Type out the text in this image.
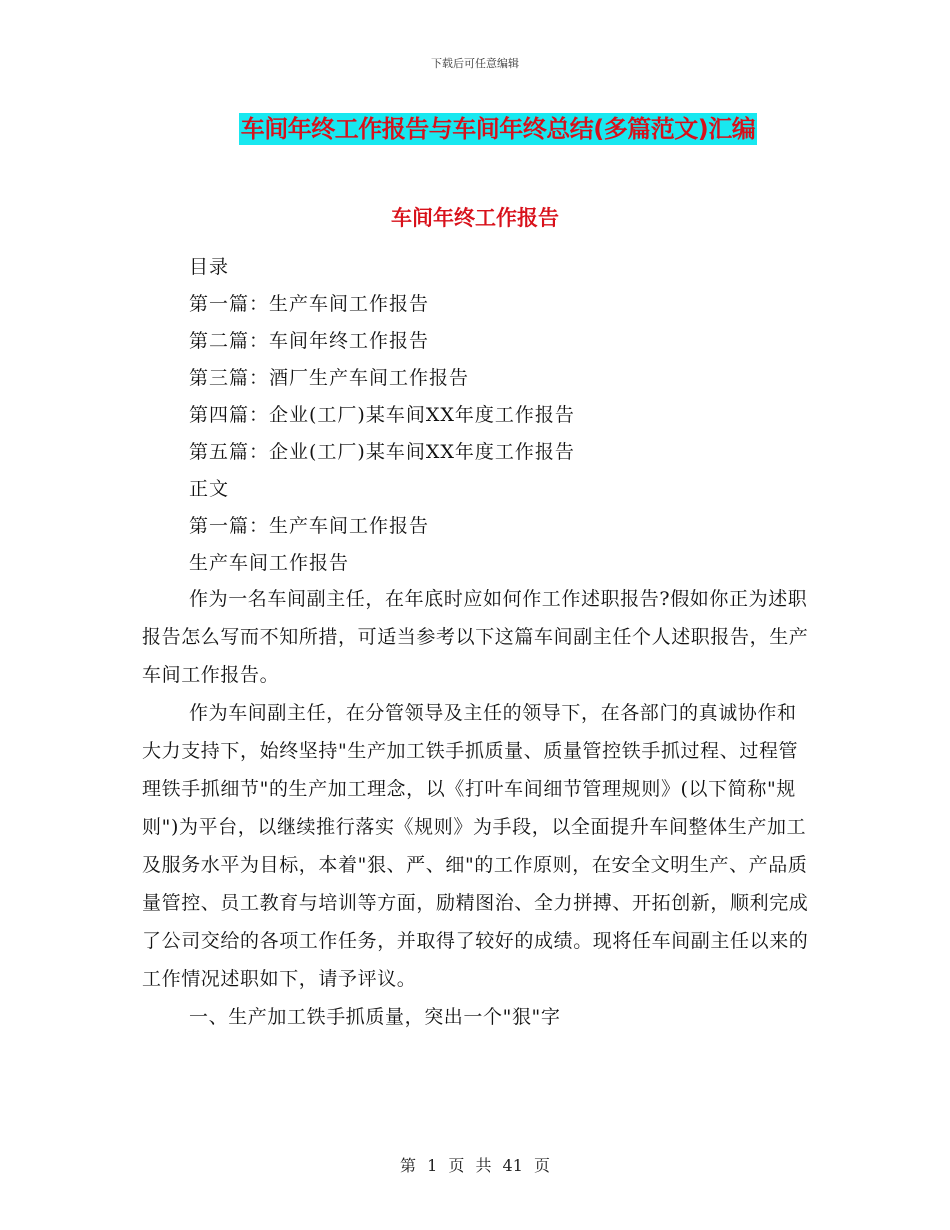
下载后可任意编辑
车间年终工作报告与车间年终总结(多篇范文)汇编
车间年终工作报告
目录
第一篇：生产车间工作报告
第二篇：车间年终工作报告
第三篇：酒厂生产车间工作报告
第四篇：企业(工厂)某车间XX年度工作报告
第五篇：企业(工厂)某车间XX年度工作报告
正文
第一篇：生产车间工作报告
生产车间工作报告

作为一名车间副主任，在年底时应如何作工作述职报告?假如你正为述职报告怎么写而不知所措，可适当参考以下这篇车间副主任个人述职报告，生产车间工作报告。

作为车间副主任，在分管领导及主任的领导下，在各部门的真诚协作和大力支持下，始终坚持"生产加工铁手抓质量、质量管控铁手抓过程、过程管理铁手抓细节"的生产加工理念，以《打叶车间细节管理规则》(以下简称"规则")为平台，以继续推行落实《规则》为手段，以全面提升车间整体生产加工及服务水平为目标，本着"狠、严、细"的工作原则，在安全文明生产、产品质量管控、员工教育与培训等方面，励精图治、全力拼搏、开拓创新，顺利完成了公司交给的各项工作任务，并取得了较好的成绩。现将任车间副主任以来的工作情况述职如下，请予评议。

一、生产加工铁手抓质量，突出一个"狠"字

第 1 页 共 41 页
